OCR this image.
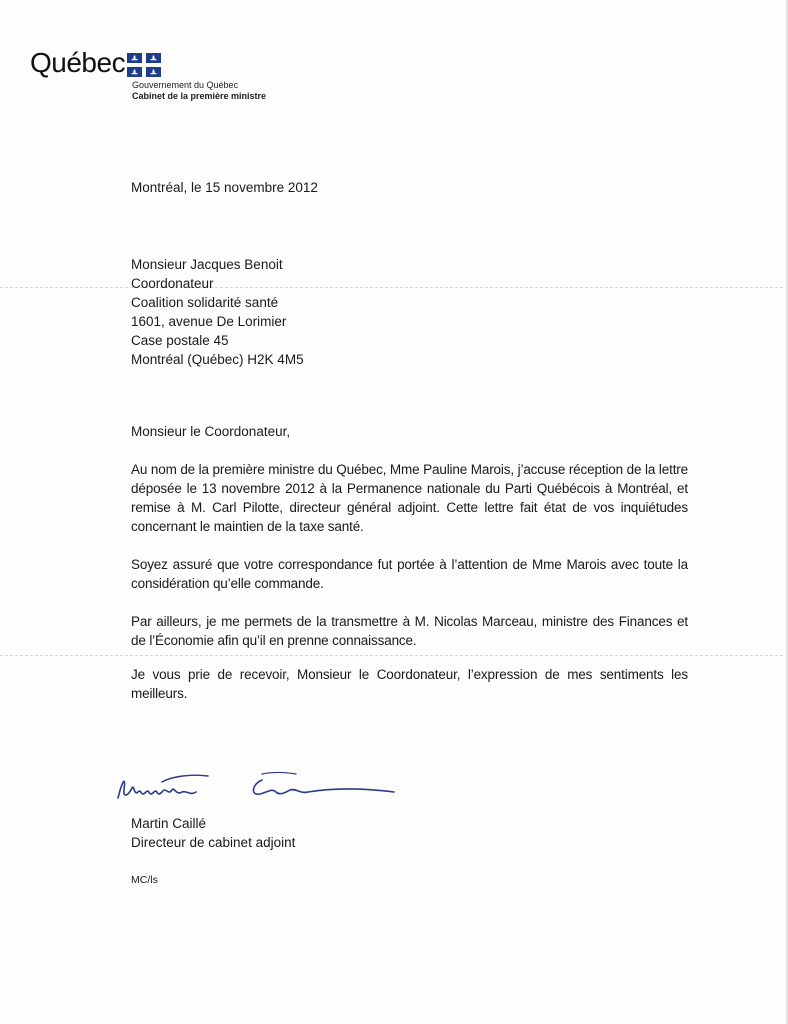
Québec
Gouvernement du Québec
Cabinet de la première ministre
Montréal, le 15 novembre 2012
Monsieur Jacques Benoit
Coordonateur
Coalition solidarité santé
1601, avenue De Lorimier
Case postale 45
Montréal (Québec) H2K 4M5
Monsieur le Coordonateur,
Au nom de la première ministre du Québec, Mme Pauline Marois, j’accuse réception de la lettre déposée le 13 novembre 2012 à la Permanence nationale du Parti Québécois à Montréal, et remise à M. Carl Pilotte, directeur général adjoint. Cette lettre fait état de vos inquiétudes concernant le maintien de la taxe santé.
Soyez assuré que votre correspondance fut portée à l’attention de Mme Marois avec toute la considération qu’elle commande.
Par ailleurs, je me permets de la transmettre à M. Nicolas Marceau, ministre des Finances et de l’Économie afin qu’il en prenne connaissance.
Je vous prie de recevoir, Monsieur le Coordonateur, l’expression de mes sentiments les meilleurs.
Martin Caillé
Directeur de cabinet adjoint
MC/ls
